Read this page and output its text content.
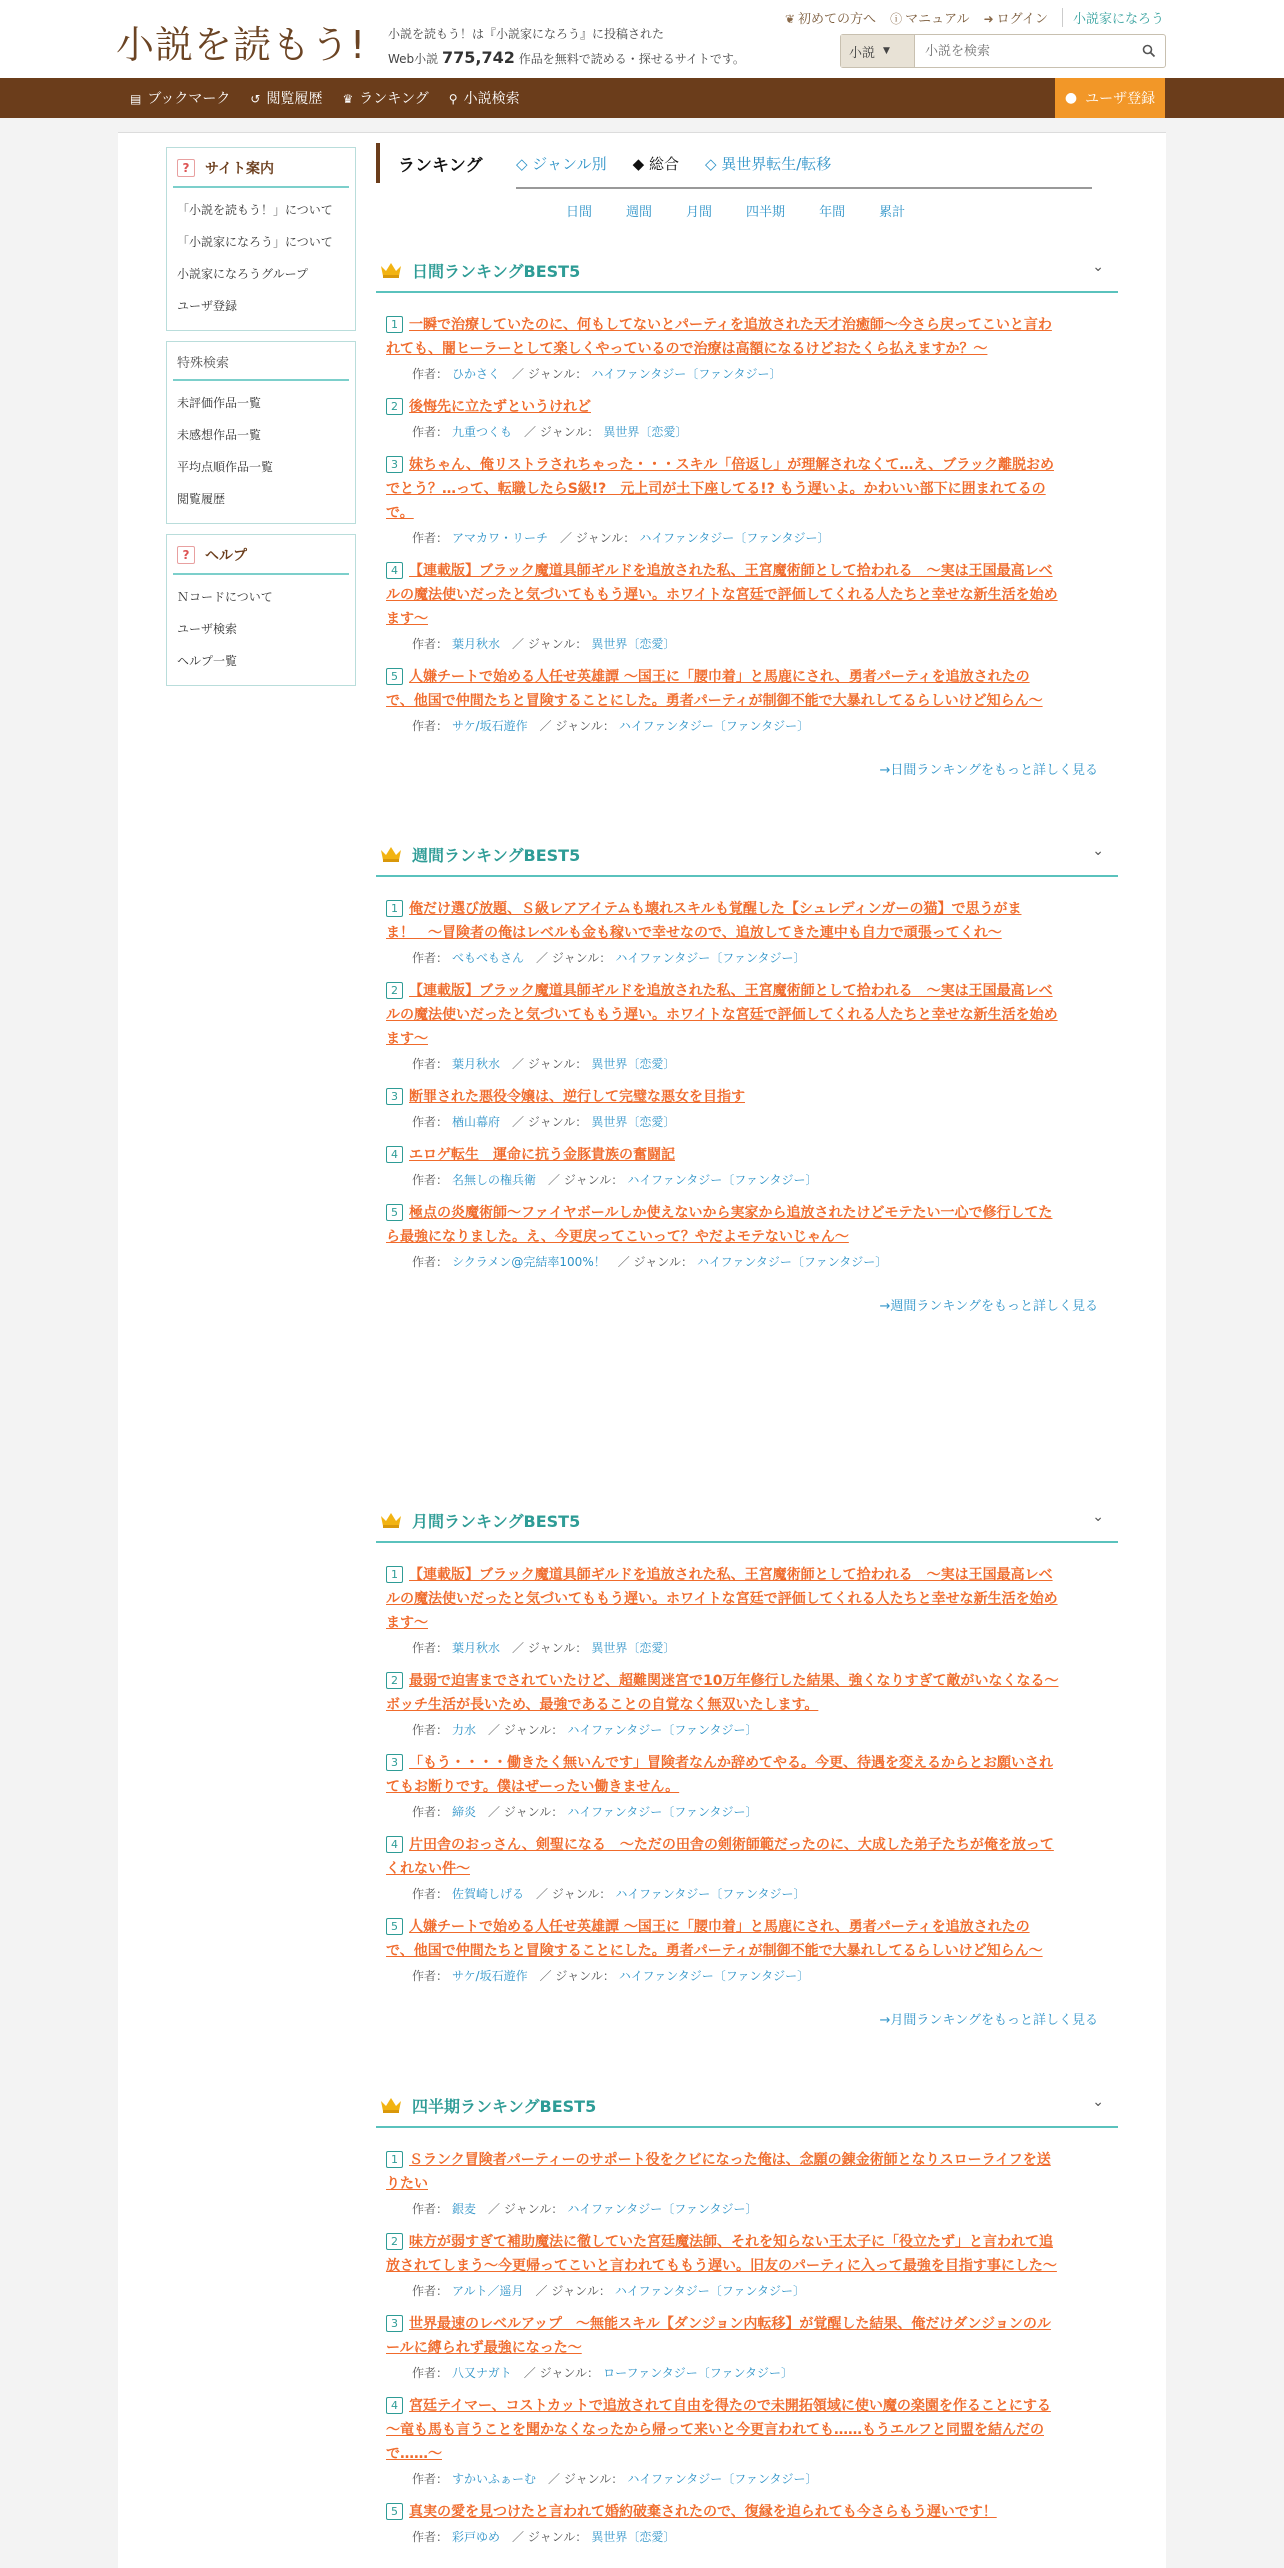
小説を読もう! 小説を読もう！は『小説家になろう』に投稿された
Web小説 775,742 作品を無料で読める・探せるサイトです。
❦ 初めての方へ ⓘ マニュアル ➜ ログイン	小説家になろう
小説 ▼
小説を検索
▤ ブックマーク ↺ 閲覧履歴 ♛ ランキング ⚲ 小説検索	● ユーザ登録
?	サイト案内
「小説を読もう！」について
「小説家になろう」について
小説家になろうグループ
ユーザ登録
特殊検索
未評価作品一覧
未感想作品一覧
平均点順作品一覧
閲覧履歴
?	ヘルプ
Ｎコードについて
ユーザ検索
ヘルプ一覧
ランキング ◇ ジャンル別 ◆ 総合 ◇ 異世界転生/転移
日間	週間	月間	四半期	年間	累計
日間ランキングBEST5	⌄
1 一瞬で治療していたのに、何もしてないとパーティを追放された天才治癒師～今さら戻ってこいと言わ
れても、闇ヒーラーとして楽しくやっているので治療は高額になるけどおたくら払えますか？～
作者： ひかさく ／ ジャンル： ハイファンタジー〔ファンタジー〕
2 後悔先に立たずというけれど
作者： 九重つくも ／ ジャンル： 異世界〔恋愛〕
3 妹ちゃん、俺リストラされちゃった・・・スキル「倍返し」が理解されなくて…え、ブラック離脱おめ
でとう？…って、転職したらS級!?　元上司が土下座してる!? もう遅いよ。かわいい部下に囲まれてるの
で。
作者： アマカワ・リーチ ／ ジャンル： ハイファンタジー〔ファンタジー〕
4 【連載版】ブラック魔道具師ギルドを追放された私、王宮魔術師として拾われる　～実は王国最高レベ
ルの魔法使いだったと気づいてももう遅い。ホワイトな宮廷で評価してくれる人たちと幸せな新生活を始め
ます～
作者： 葉月秋水 ／ ジャンル： 異世界〔恋愛〕
5 人嫌チートで始める人任せ英雄譚 ～国王に「腰巾着」と馬鹿にされ、勇者パーティを追放されたの
で、他国で仲間たちと冒険することにした。勇者パーティが制御不能で大暴れしてるらしいけど知らん～
作者： サケ/坂石遊作 ／ ジャンル： ハイファンタジー〔ファンタジー〕
→日間ランキングをもっと詳しく見る
週間ランキングBEST5	⌄
1 俺だけ選び放題、Ｓ級レアアイテムも壊れスキルも覚醒した【シュレディンガーの猫】で思うがま
ま！　～冒険者の俺はレベルも金も稼いで幸せなので、追放してきた連中も自力で頑張ってくれ～
作者： べもべもさん ／ ジャンル： ハイファンタジー〔ファンタジー〕
2 【連載版】ブラック魔道具師ギルドを追放された私、王宮魔術師として拾われる　～実は王国最高レベ
ルの魔法使いだったと気づいてももう遅い。ホワイトな宮廷で評価してくれる人たちと幸せな新生活を始め
ます～
作者： 葉月秋水 ／ ジャンル： 異世界〔恋愛〕
3 断罪された悪役令嬢は、逆行して完璧な悪女を目指す
作者： 楢山幕府 ／ ジャンル： 異世界〔恋愛〕
4 エロゲ転生　運命に抗う金豚貴族の奮闘記
作者： 名無しの権兵衛 ／ ジャンル： ハイファンタジー〔ファンタジー〕
5 極点の炎魔術師〜ファイヤボールしか使えないから実家から追放されたけどモテたい一心で修行してた
ら最強になりました。え、今更戻ってこいって？やだよモテないじゃん〜
作者： シクラメン@完結率100%！ ／ ジャンル： ハイファンタジー〔ファンタジー〕
→週間ランキングをもっと詳しく見る
月間ランキングBEST5	⌄
1 【連載版】ブラック魔道具師ギルドを追放された私、王宮魔術師として拾われる　～実は王国最高レベ
ルの魔法使いだったと気づいてももう遅い。ホワイトな宮廷で評価してくれる人たちと幸せな新生活を始め
ます～
作者： 葉月秋水 ／ ジャンル： 異世界〔恋愛〕
2 最弱で迫害までされていたけど、超難関迷宮で10万年修行した結果、強くなりすぎて敵がいなくなる～
ボッチ生活が長いため、最強であることの自覚なく無双いたします。
作者： 力水 ／ ジャンル： ハイファンタジー〔ファンタジー〕
3 「もう・・・・働きたく無いんです」冒険者なんか辞めてやる。今更、待遇を変えるからとお願いされ
てもお断りです。僕はぜーったい働きません。
作者： 締炎 ／ ジャンル： ハイファンタジー〔ファンタジー〕
4 片田舎のおっさん、剣聖になる　～ただの田舎の剣術師範だったのに、大成した弟子たちが俺を放って
くれない件～
作者： 佐賀崎しげる ／ ジャンル： ハイファンタジー〔ファンタジー〕
5 人嫌チートで始める人任せ英雄譚 ～国王に「腰巾着」と馬鹿にされ、勇者パーティを追放されたの
で、他国で仲間たちと冒険することにした。勇者パーティが制御不能で大暴れしてるらしいけど知らん～
作者： サケ/坂石遊作 ／ ジャンル： ハイファンタジー〔ファンタジー〕
→月間ランキングをもっと詳しく見る
四半期ランキングBEST5	⌄
1 Ｓランク冒険者パーティーのサポート役をクビになった俺は、念願の錬金術師となりスローライフを送
りたい
作者： 銀麦 ／ ジャンル： ハイファンタジー〔ファンタジー〕
2 味方が弱すぎて補助魔法に徹していた宮廷魔法師、それを知らない王太子に「役立たず」と言われて追
放されてしまう～今更帰ってこいと言われてももう遅い。旧友のパーティに入って最強を目指す事にした～
作者： アルト／遥月 ／ ジャンル： ハイファンタジー〔ファンタジー〕
3 世界最速のレベルアップ　～無能スキル【ダンジョン内転移】が覚醒した結果、俺だけダンジョンのル
ールに縛られず最強になった～
作者： 八又ナガト ／ ジャンル： ローファンタジー〔ファンタジー〕
4 宮廷テイマー、コストカットで追放されて自由を得たので未開拓領域に使い魔の楽園を作ることにする
～竜も馬も言うことを聞かなくなったから帰って来いと今更言われても……もうエルフと同盟を結んだの
で……～
作者： すかいふぁーむ ／ ジャンル： ハイファンタジー〔ファンタジー〕
5 真実の愛を見つけたと言われて婚約破棄されたので、復縁を迫られても今さらもう遅いです！
作者： 彩戸ゆめ ／ ジャンル： 異世界〔恋愛〕
